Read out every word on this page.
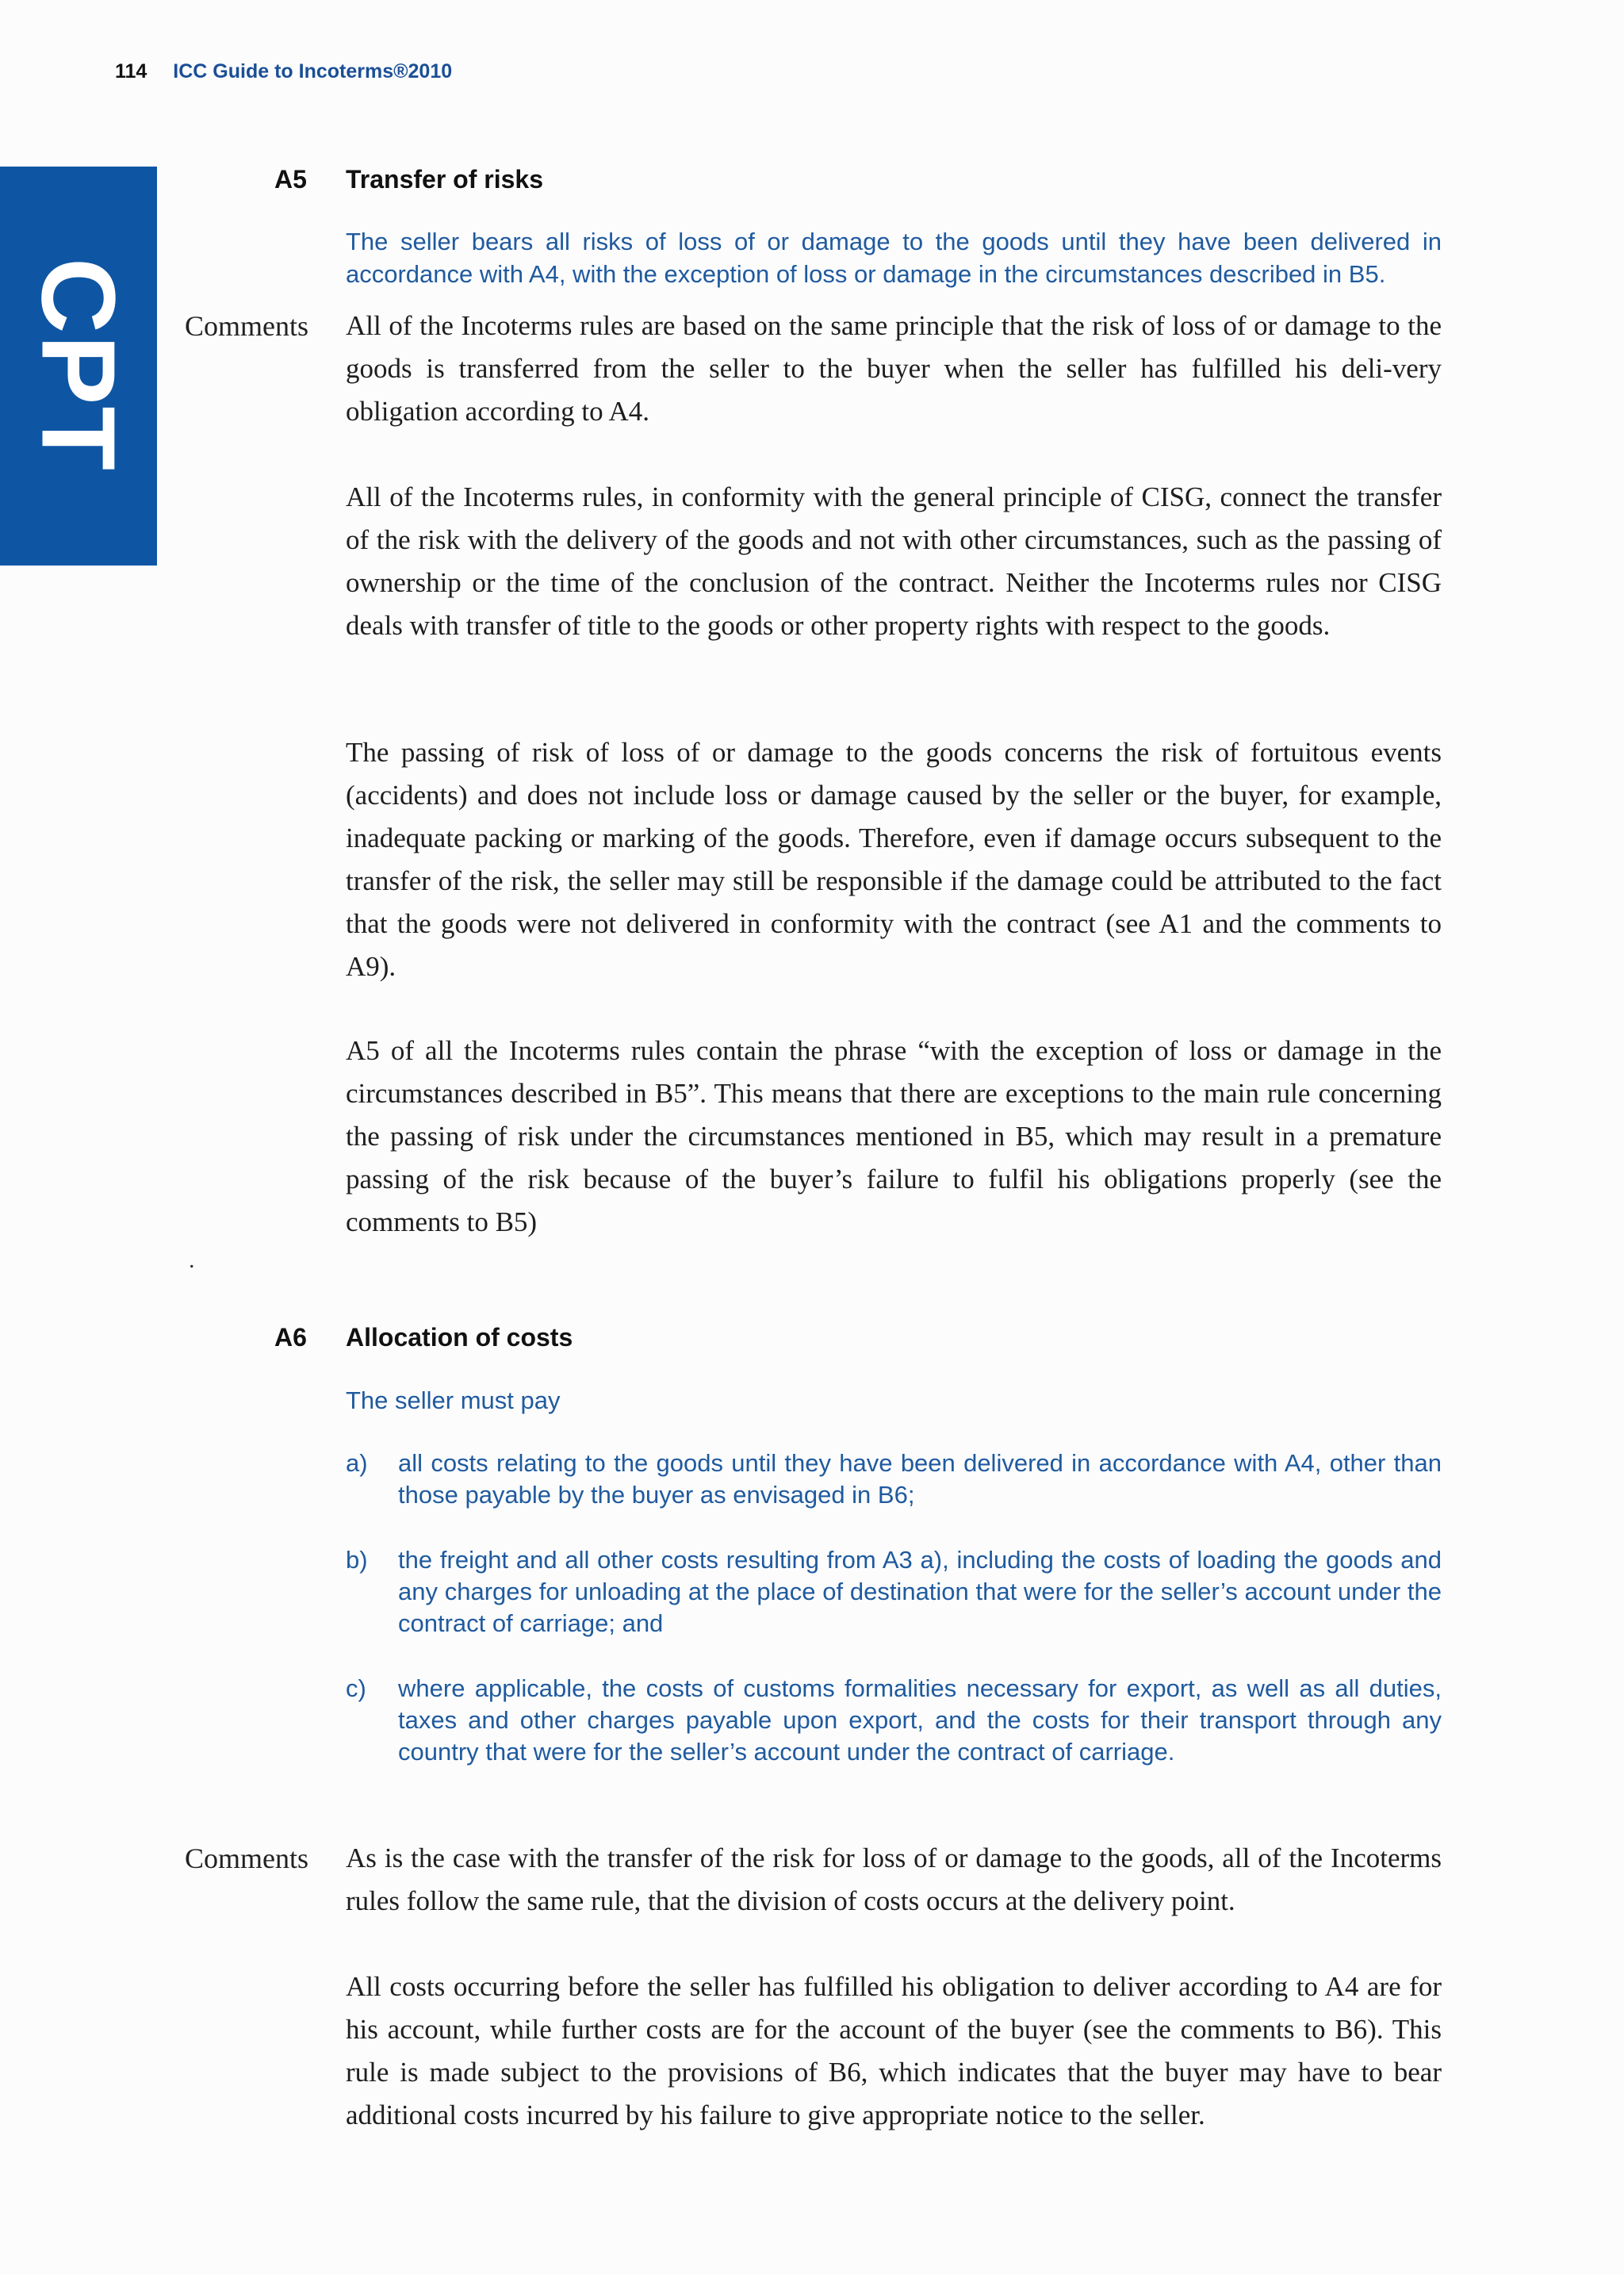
114 ICC Guide to Incoterms®2010
CPT
A5 Transfer of risks
The seller bears all risks of loss of or damage to the goods until they have been delivered in accordance with A4, with the exception of loss or damage in the circumstances described in B5.
Comments All of the Incoterms rules are based on the same principle that the risk of loss of or damage to the goods is transferred from the seller to the buyer when the seller has fulfilled his deli-very obligation according to A4.
All of the Incoterms rules, in conformity with the general principle of CISG, connect the transfer of the risk with the delivery of the goods and not with other circumstances, such as the passing of ownership or the time of the conclusion of the contract. Neither the Incoterms rules nor CISG deals with transfer of title to the goods or other property rights with respect to the goods.
The passing of risk of loss of or damage to the goods concerns the risk of fortuitous events (accidents) and does not include loss or damage caused by the seller or the buyer, for example, inadequate packing or marking of the goods. Therefore, even if damage occurs subsequent to the transfer of the risk, the seller may still be responsible if the damage could be attributed to the fact that the goods were not delivered in conformity with the contract (see A1 and the comments to A9).
A5 of all the Incoterms rules contain the phrase “with the exception of loss or damage in the circumstances described in B5”. This means that there are exceptions to the main rule concerning the passing of risk under the circumstances mentioned in B5, which may result in a premature passing of the risk because of the buyer’s failure to fulfil his obligations properly (see the comments to B5)
.
A6 Allocation of costs
The seller must pay
a) all costs relating to the goods until they have been delivered in accordance with A4, other than those payable by the buyer as envisaged in B6;
b) the freight and all other costs resulting from A3 a), including the costs of loading the goods and any charges for unloading at the place of destination that were for the seller’s account under the contract of carriage; and
c) where applicable, the costs of customs formalities necessary for export, as well as all duties, taxes and other charges payable upon export, and the costs for their transport through any country that were for the seller’s account under the contract of carriage.
Comments As is the case with the transfer of the risk for loss of or damage to the goods, all of the Incoterms rules follow the same rule, that the division of costs occurs at the delivery point.
All costs occurring before the seller has fulfilled his obligation to deliver according to A4 are for his account, while further costs are for the account of the buyer (see the comments to B6). This rule is made subject to the provisions of B6, which indicates that the buyer may have to bear additional costs incurred by his failure to give appropriate notice to the seller.
